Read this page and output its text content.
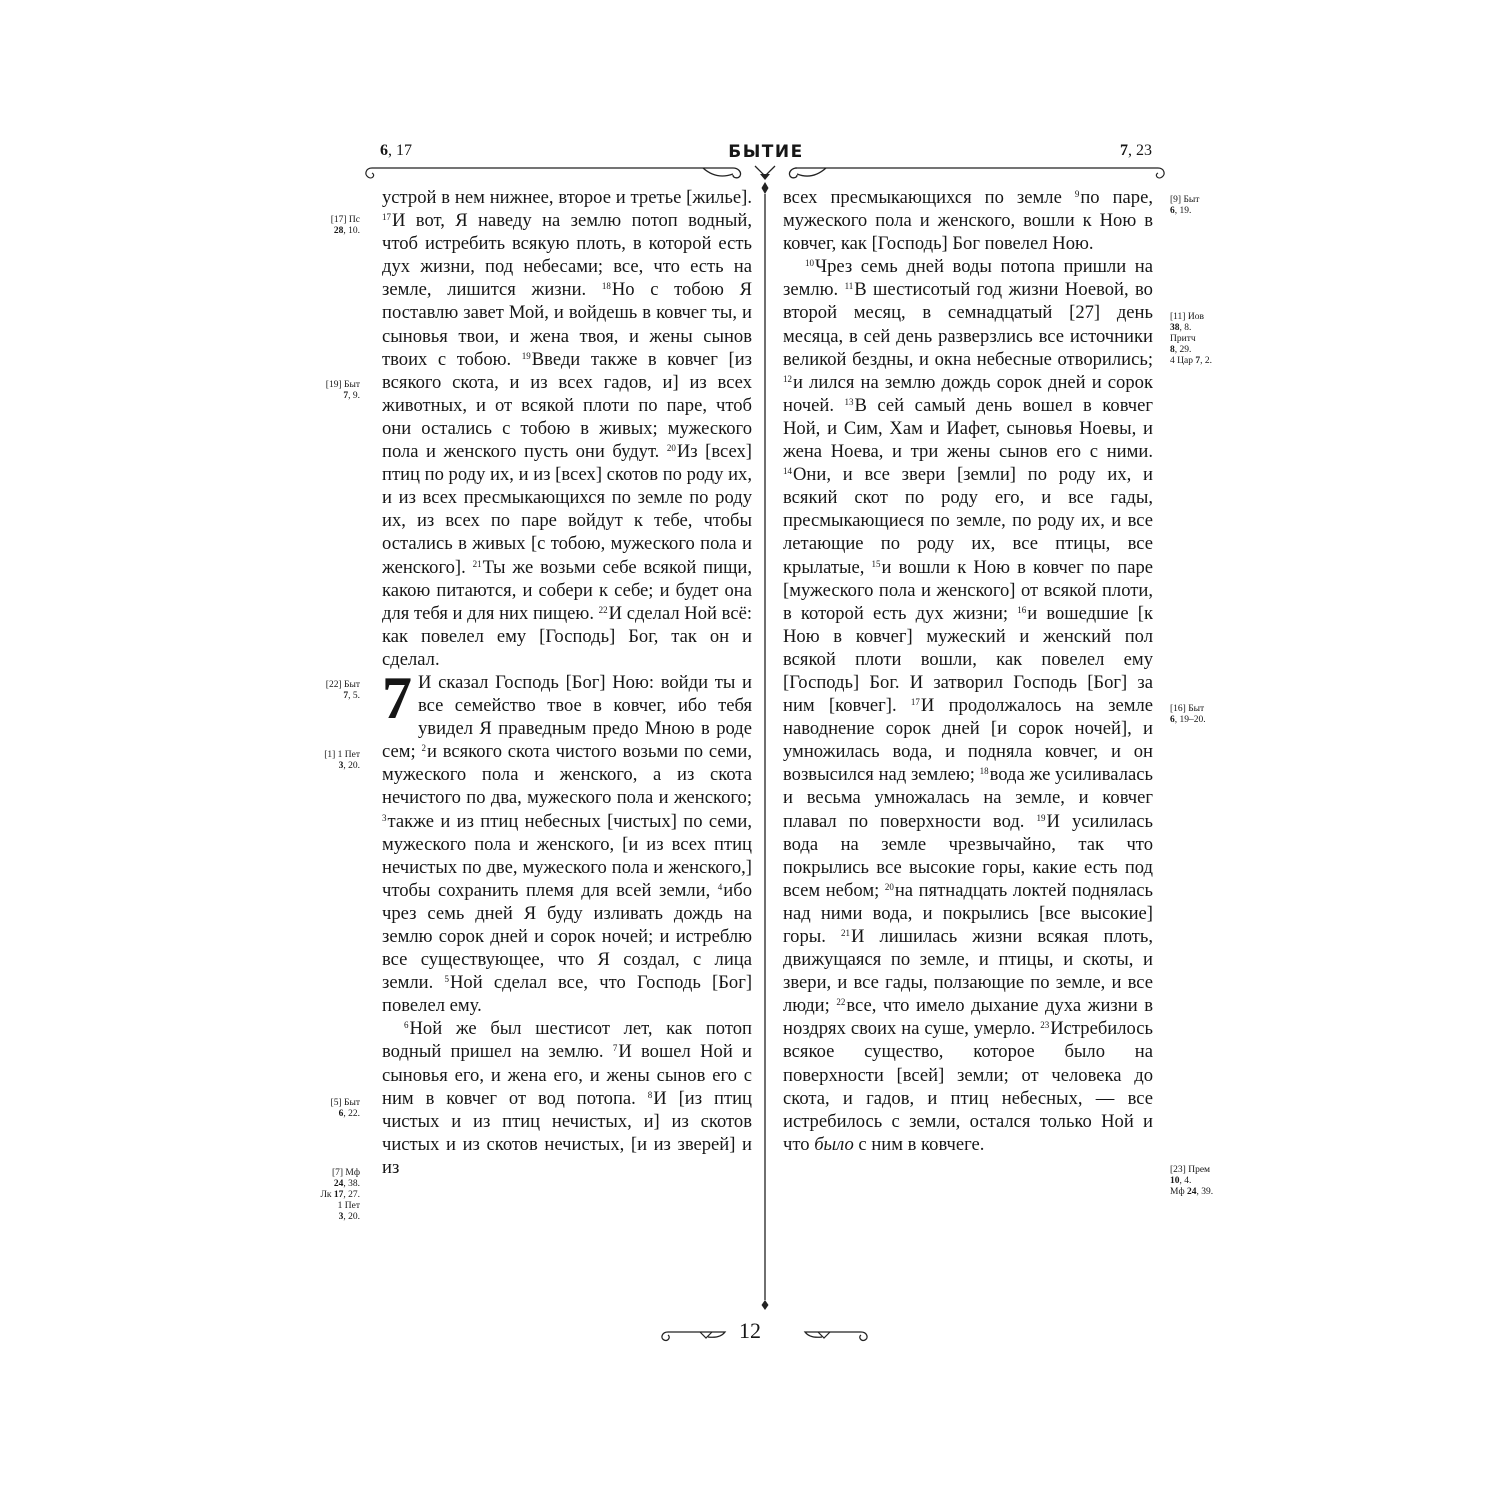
6, 17	БЫТИЕ	7, 23

устрой в нем нижнее, второе и третье [жилье]. $^{17}$И вот, Я наведу на землю потоп водный, чтоб истребить всякую плоть, в которой есть дух жизни, под небесами; все, что есть на земле, лишится жизни. $^{18}$Но с тобою Я поставлю завет Мой, и войдешь в ковчег ты, и сыновья твои, и жена твоя, и жены сынов твоих с тобою. $^{19}$Введи также в ковчег [из всякого скота, и из всех гадов, и] из всех животных, и от всякой плоти по паре, чтоб они остались с тобою в живых; мужеского пола и женского пусть они будут. $^{20}$Из [всех] птиц по роду их, и из [всех] скотов по роду их, и из всех пресмыкающихся по земле по роду их, из всех по паре войдут к тебе, чтобы остались в живых [с тобою, мужеского пола и женского]. $^{21}$Ты же возьми себе всякой пищи, какою питаются, и собери к себе; и будет она для тебя и для них пищею. $^{22}$И сделал Ной всё: как повелел ему [Господь] Бог, так он и сделал.

7 И сказал Господь [Бог] Ною: войди ты и все семейство твое в ковчег, ибо тебя увидел Я праведным предо Мною в роде сем; $^2$и всякого скота чистого возьми по семи, мужеского пола и женского, а из скота нечистого по два, мужеского пола и женского; $^3$также и из птиц небесных [чистых] по семи, мужеского пола и женского, [и из всех птиц нечистых по две, мужеского пола и женского,] чтобы сохранить племя для всей земли, $^4$ибо чрез семь дней Я буду изливать дождь на землю сорок дней и сорок ночей; и истреблю все существующее, что Я создал, с лица земли. $^5$Ной сделал все, что Господь [Бог] повелел ему.

$^6$Ной же был шестисот лет, как потоп водный пришел на землю. $^7$И вошел Ной и сыновья его, и жена его, и жены сынов его с ним в ковчег от вод потопа. $^8$И [из птиц чистых и из птиц нечистых, и] из скотов чистых и из скотов нечистых, [и из зверей] и из

всех пресмыкающихся по земле $^9$по паре, мужеского пола и женского, вошли к Ною в ковчег, как [Господь] Бог повелел Ною.

$^{10}$Чрез семь дней воды потопа пришли на землю. $^{11}$В шестисотый год жизни Ноевой, во второй месяц, в семнадцатый [27] день месяца, в сей день разверзлись все источники великой бездны, и окна небесные отворились; $^{12}$и лился на землю дождь сорок дней и сорок ночей. $^{13}$В сей самый день вошел в ковчег Ной, и Сим, Хам и Иафет, сыновья Ноевы, и жена Ноева, и три жены сынов его с ними. $^{14}$Они, и все звери [земли] по роду их, и всякий скот по роду его, и все гады, пресмыкающиеся по земле, по роду их, и все летающие по роду их, все птицы, все крылатые, $^{15}$и вошли к Ною в ковчег по паре [мужеского пола и женского] от всякой плоти, в которой есть дух жизни; $^{16}$и вошедшие [к Ною в ковчег] мужеский и женский пол всякой плоти вошли, как повелел ему [Господь] Бог. И затворил Господь [Бог] за ним [ковчег]. $^{17}$И продолжалось на земле наводнение сорок дней [и сорок ночей], и умножилась вода, и подняла ковчег, и он возвысился над землею; $^{18}$вода же усиливалась и весьма умножалась на земле, и ковчег плавал по поверхности вод. $^{19}$И усилилась вода на земле чрезвычайно, так что покрылись все высокие горы, какие есть под всем небом; $^{20}$на пятнадцать локтей поднялась над ними вода, и покрылись [все высокие] горы. $^{21}$И лишилась жизни всякая плоть, движущаяся по земле, и птицы, и скоты, и звери, и все гады, ползающие по земле, и все люди; $^{22}$все, что имело дыхание духа жизни в ноздрях своих на суше, умерло. $^{23}$Истребилось всякое существо, которое было на поверхности [всей] земли; от человека до скота, и гадов, и птиц небесных, — все истребилось с земли, остался только Ной и что было с ним в ковчеге.

[17] Пс
28, 10.
[19] Быт
7, 9.
[22] Быт
7, 5.
[1] 1 Пет
3, 20.
[5] Быт
6, 22.
[7] Мф
24, 38.
Лк 17, 27.
1 Пет
3, 20.
[9] Быт
6, 19.
[11] Иов
38, 8.
Притч
8, 29.
4 Цар 7, 2.
[16] Быт
6, 19–20.
[23] Прем
10, 4.
Мф 24, 39.
12
